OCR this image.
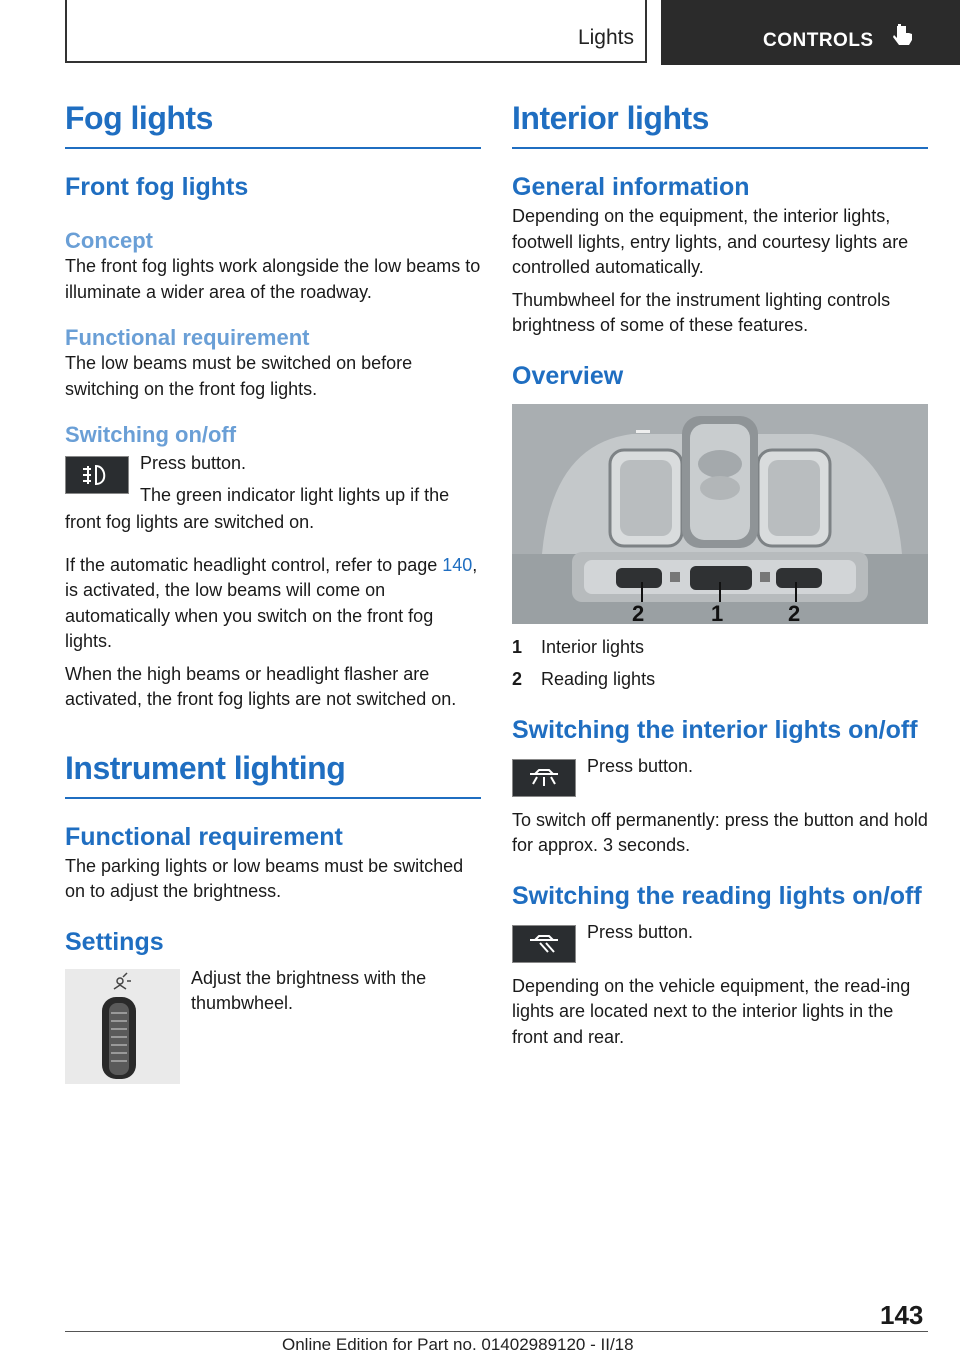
Lights	CONTROLS
Fog lights
Front fog lights
Concept

The front fog lights work alongside the low beams to illuminate a wider area of the roadway.

Functional requirement

The low beams must be switched on before switching on the front fog lights.

Switching on/off

Press button.

The green indicator light lights up if the

front fog lights are switched on.

If the automatic headlight control, refer to page 140, is activated, the low beams will come on automatically when you switch on the front fog lights.

When the high beams or headlight flasher are activated, the front fog lights are not switched on.

Instrument lighting
Functional requirement

The parking lights or low beams must be switched on to adjust the brightness.

Settings

Adjust the brightness with the thumbwheel.

Interior lights
General information

Depending on the equipment, the interior lights, footwell lights, entry lights, and courtesy lights are controlled automatically.

Thumbwheel for the instrument lighting controls brightness of some of these features.

Overview
2	1	2
1 Interior lights
2 Reading lights
Switching the interior lights on/off

Press button.

To switch off permanently: press the button and hold for approx. 3 seconds.

Switching the reading lights on/off

Press button.

Depending on the vehicle equipment, the read-ing lights are located next to the interior lights in the front and rear.

143
Online Edition for Part no. 01402989120 - II/18
